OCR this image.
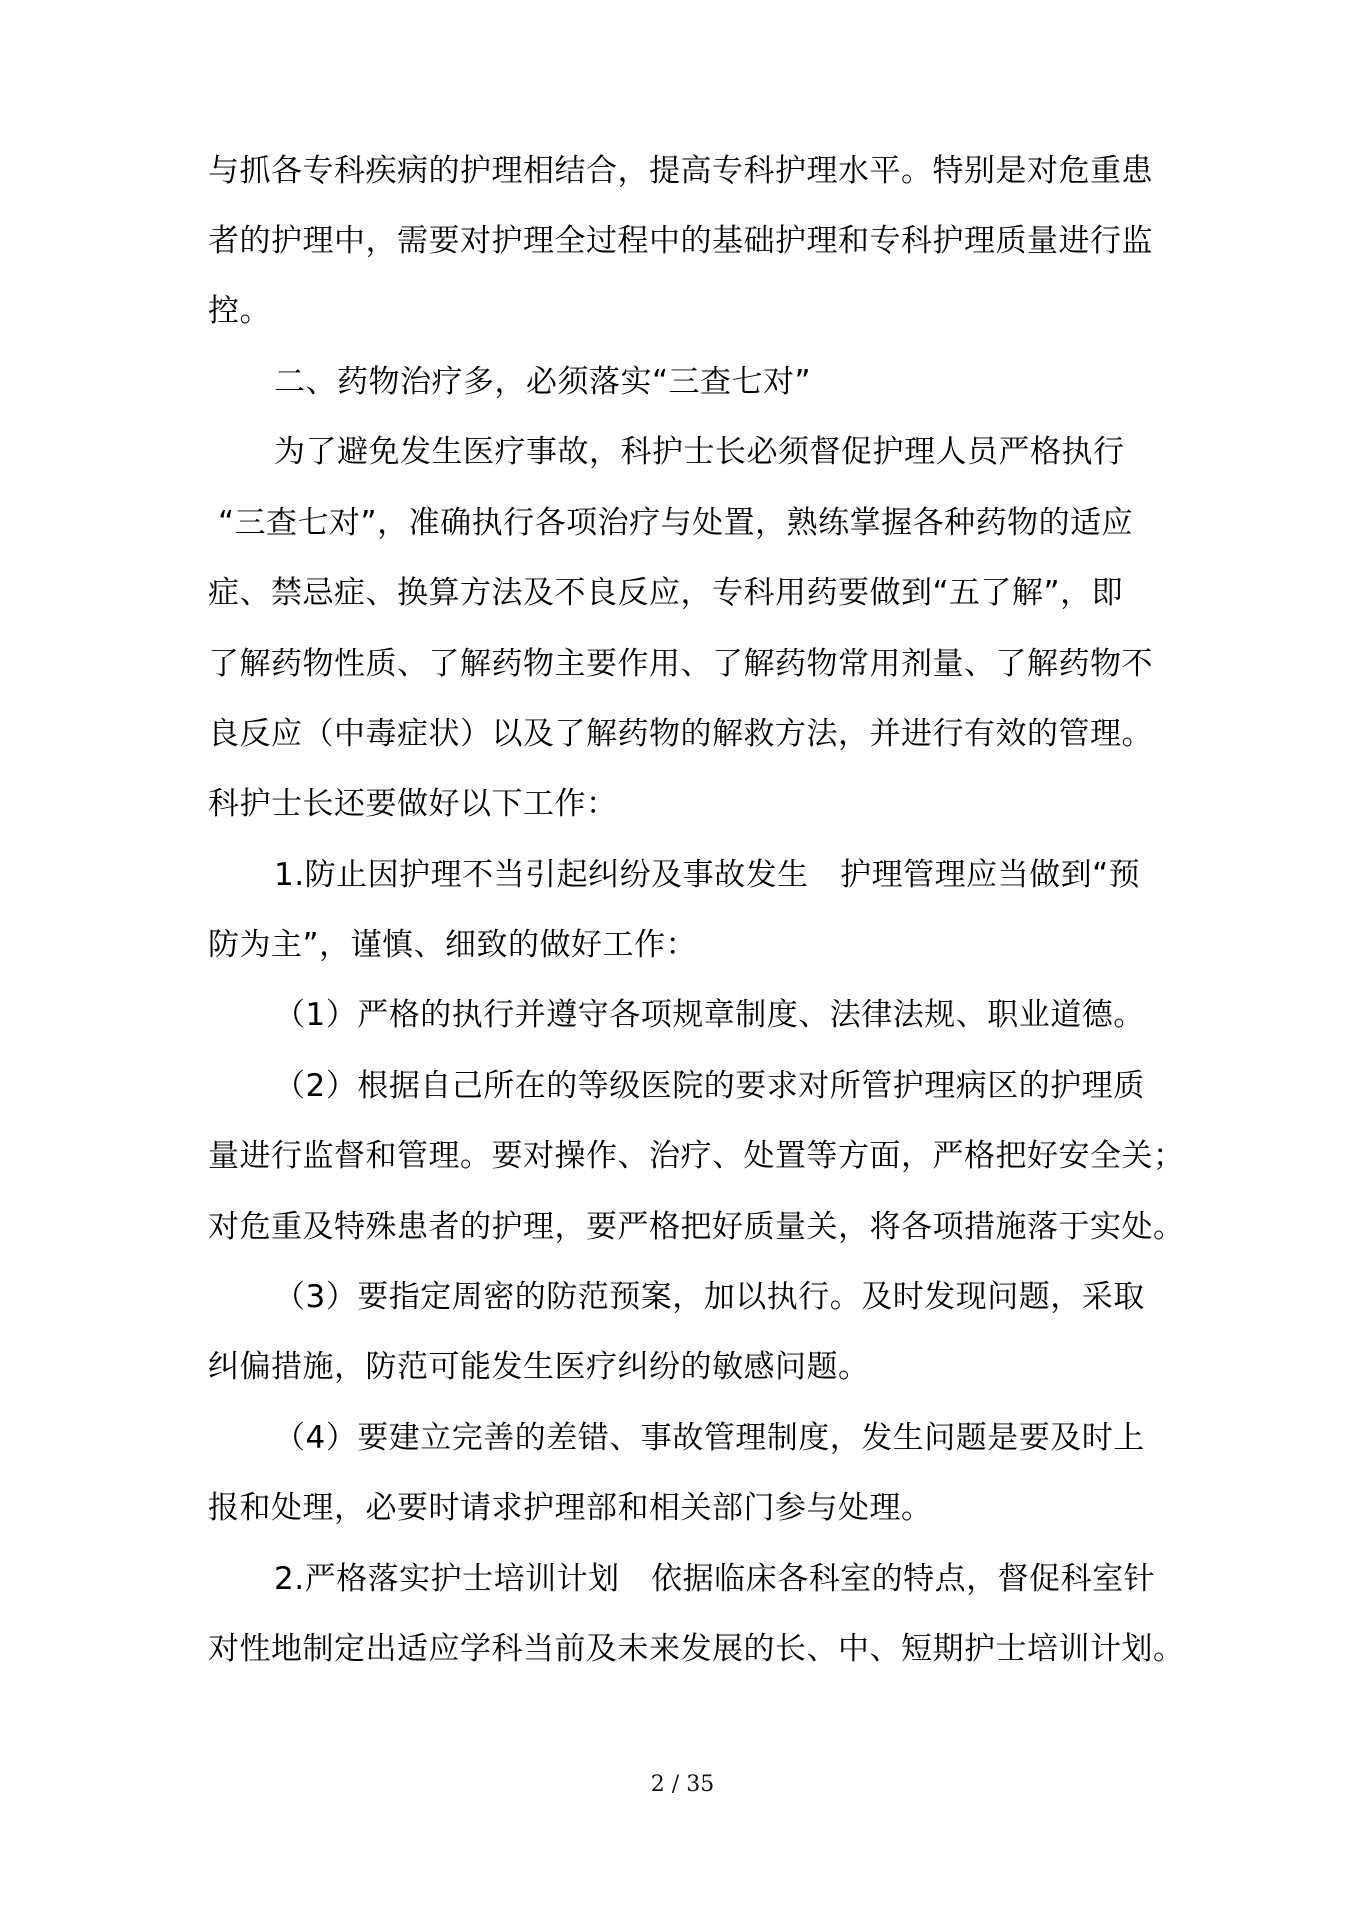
与抓各专科疾病的护理相结合，提高专科护理水平。特别是对危重患
者的护理中，需要对护理全过程中的基础护理和专科护理质量进行监
控。
二、药物治疗多，必须落实“三查七对”
为了避免发生医疗事故，科护士长必须督促护理人员严格执行
“三查七对”，准确执行各项治疗与处置，熟练掌握各种药物的适应
症、禁忌症、换算方法及不良反应，专科用药要做到“五了解”，即
了解药物性质、了解药物主要作用、了解药物常用剂量、了解药物不
良反应（中毒症状）以及了解药物的解救方法，并进行有效的管理。
科护士长还要做好以下工作：
1.防止因护理不当引起纠纷及事故发生　护理管理应当做到“预
防为主”，谨慎、细致的做好工作：
（1）严格的执行并遵守各项规章制度、法律法规、职业道德。
（2）根据自己所在的等级医院的要求对所管护理病区的护理质
量进行监督和管理。要对操作、治疗、处置等方面，严格把好安全关；
对危重及特殊患者的护理，要严格把好质量关，将各项措施落于实处。
（3）要指定周密的防范预案，加以执行。及时发现问题，采取
纠偏措施，防范可能发生医疗纠纷的敏感问题。
（4）要建立完善的差错、事故管理制度，发生问题是要及时上
报和处理，必要时请求护理部和相关部门参与处理。
2.严格落实护士培训计划　依据临床各科室的特点，督促科室针
对性地制定出适应学科当前及未来发展的长、中、短期护士培训计划。
2 / 35
